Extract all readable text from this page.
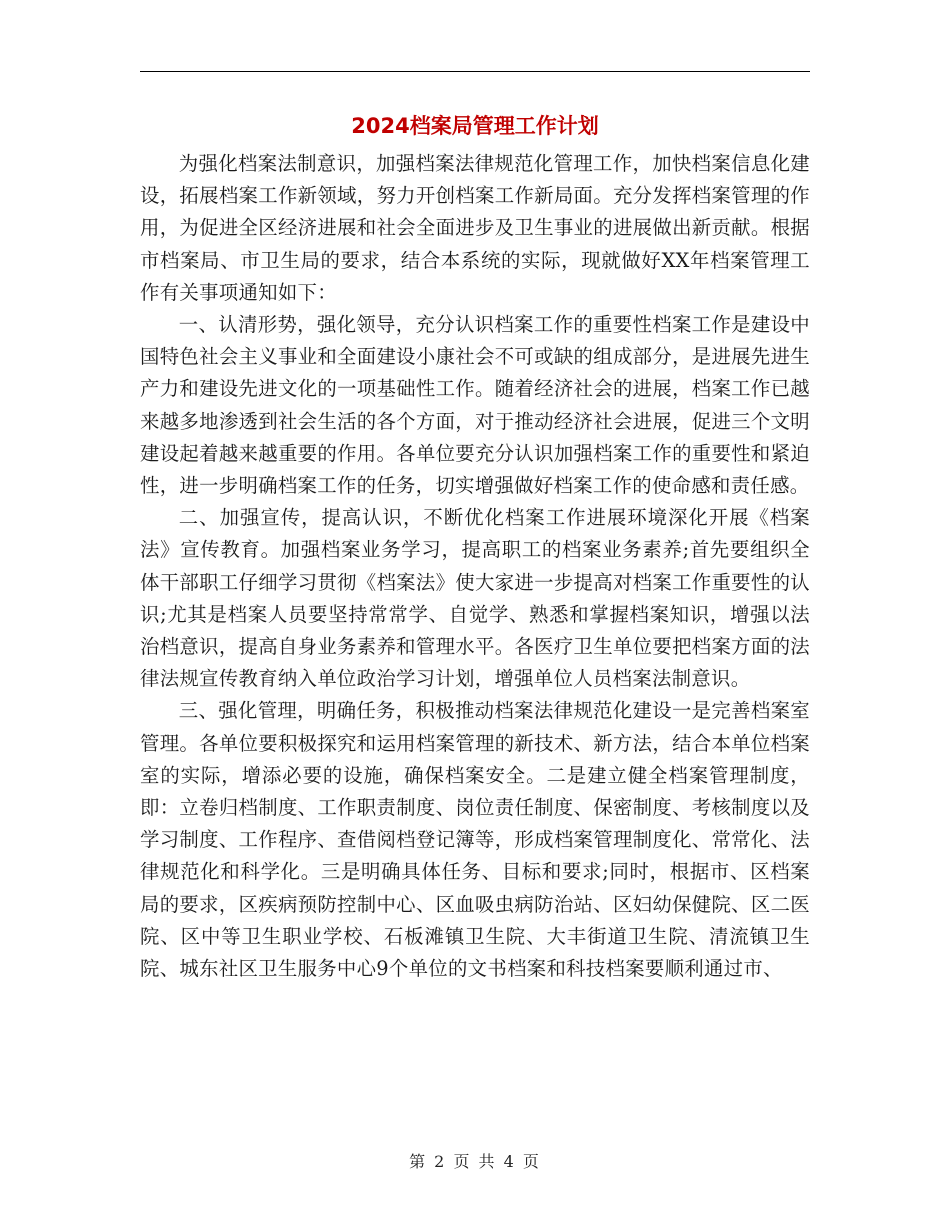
2024档案局管理工作计划

为强化档案法制意识，加强档案法律规范化管理工作，加快档案信息化建设，拓展档案工作新领域，努力开创档案工作新局面。充分发挥档案管理的作用，为促进全区经济进展和社会全面进步及卫生事业的进展做出新贡献。根据市档案局、市卫生局的要求，结合本系统的实际，现就做好XX年档案管理工作有关事项通知如下：

一、认清形势，强化领导，充分认识档案工作的重要性档案工作是建设中国特色社会主义事业和全面建设小康社会不可或缺的组成部分，是进展先进生产力和建设先进文化的一项基础性工作。随着经济社会的进展，档案工作已越来越多地渗透到社会生活的各个方面，对于推动经济社会进展，促进三个文明建设起着越来越重要的作用。各单位要充分认识加强档案工作的重要性和紧迫性，进一步明确档案工作的任务，切实增强做好档案工作的使命感和责任感。

二、加强宣传，提高认识，不断优化档案工作进展环境深化开展《档案法》宣传教育。加强档案业务学习，提高职工的档案业务素养;首先要组织全体干部职工仔细学习贯彻《档案法》使大家进一步提高对档案工作重要性的认识;尤其是档案人员要坚持常常学、自觉学、熟悉和掌握档案知识，增强以法治档意识，提高自身业务素养和管理水平。各医疗卫生单位要把档案方面的法律法规宣传教育纳入单位政治学习计划，增强单位人员档案法制意识。

三、强化管理，明确任务，积极推动档案法律规范化建设一是完善档案室管理。各单位要积极探究和运用档案管理的新技术、新方法，结合本单位档案室的实际，增添必要的设施，确保档案安全。二是建立健全档案管理制度，即：立卷归档制度、工作职责制度、岗位责任制度、保密制度、考核制度以及学习制度、工作程序、查借阅档登记簿等，形成档案管理制度化、常常化、法律规范化和科学化。三是明确具体任务、目标和要求;同时，根据市、区档案局的要求，区疾病预防控制中心、区血吸虫病防治站、区妇幼保健院、区二医院、区中等卫生职业学校、石板滩镇卫生院、大丰街道卫生院、清流镇卫生院、城东社区卫生服务中心9个单位的文书档案和科技档案要顺利通过市、

第 2 页 共 4 页
